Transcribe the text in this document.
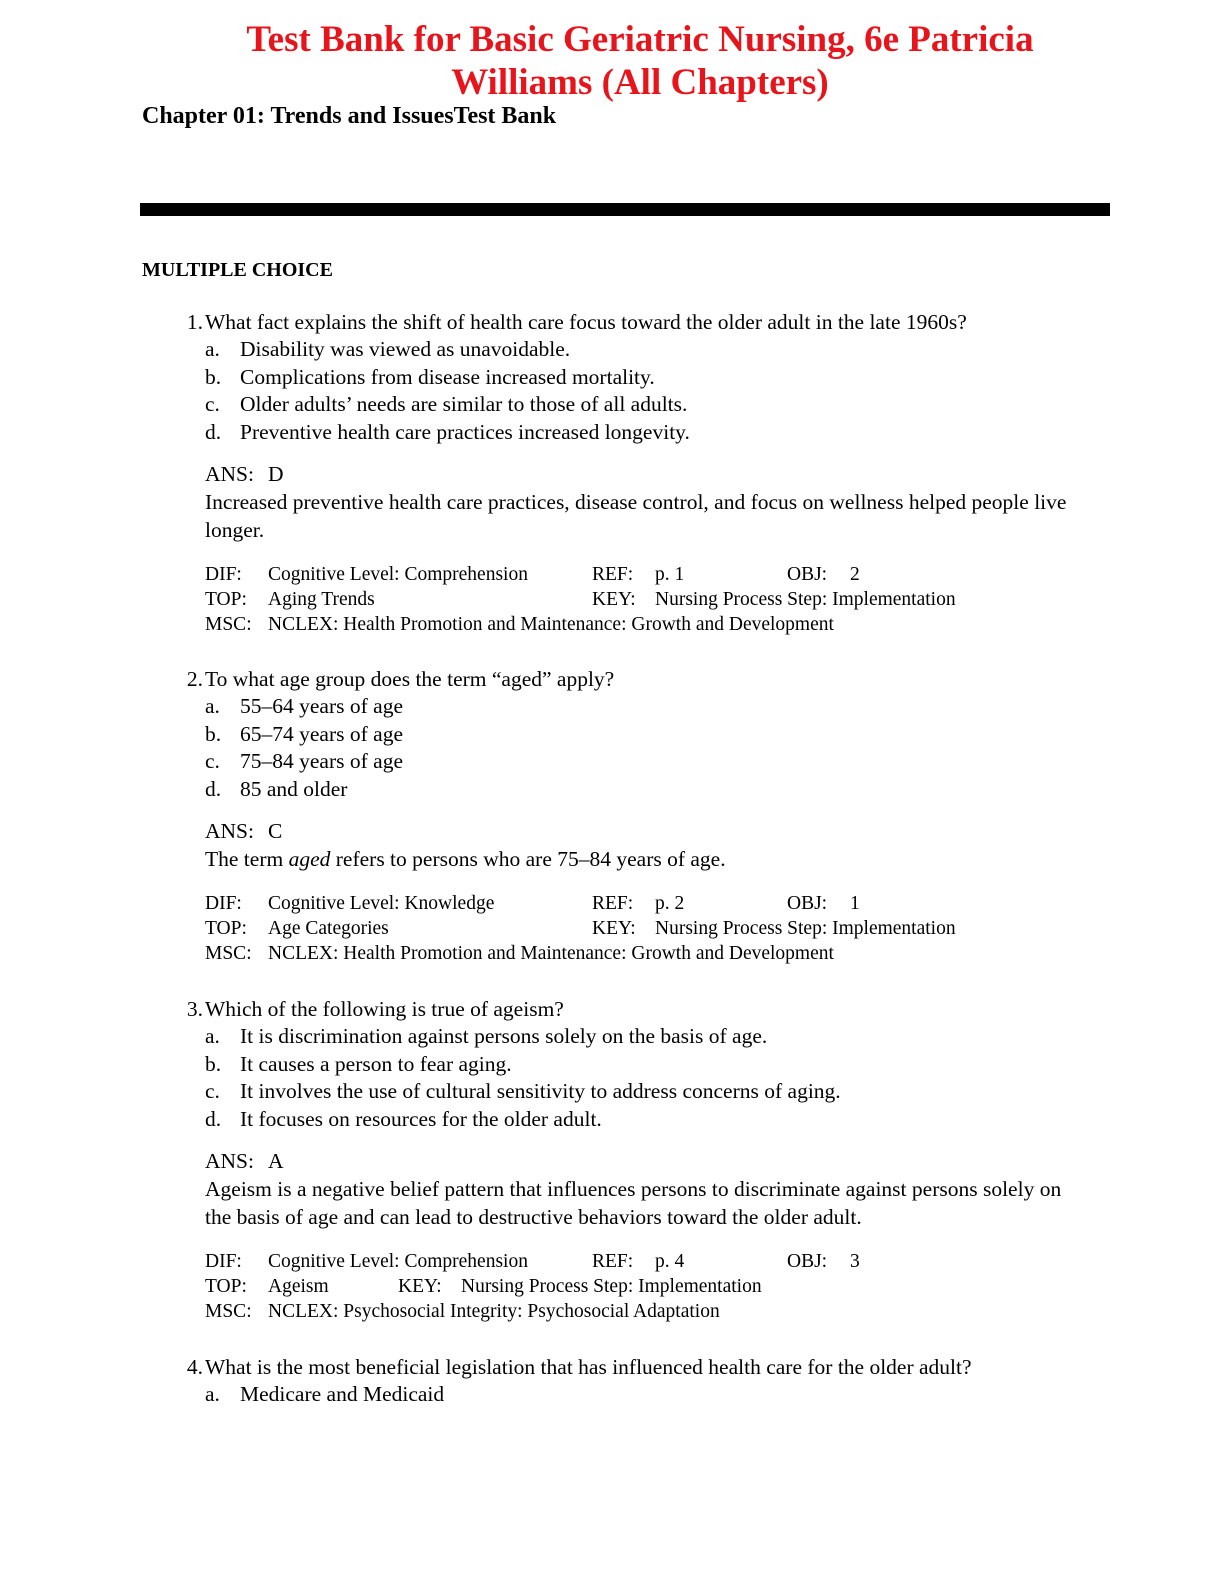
Test Bank for Basic Geriatric Nursing, 6e Patricia
Williams (All Chapters)
Chapter 01: Trends and IssuesTest Bank
MULTIPLE CHOICE
1. What fact explains the shift of health care focus toward the older adult in the late 1960s?
a. Disability was viewed as unavoidable.
b. Complications from disease increased mortality.
c. Older adults’ needs are similar to those of all adults.
d. Preventive health care practices increased longevity.
ANS: D
Increased preventive health care practices, disease control, and focus on wellness helped people live longer.
DIF: Cognitive Level: Comprehension	REF: p. 1	OBJ: 2
TOP: Aging Trends	KEY: Nursing Process Step: Implementation
MSC: NCLEX: Health Promotion and Maintenance: Growth and Development
2. To what age group does the term “aged” apply?
a. 55–64 years of age
b. 65–74 years of age
c. 75–84 years of age
d. 85 and older
ANS: C
The term aged refers to persons who are 75–84 years of age.
DIF: Cognitive Level: Knowledge	REF: p. 2	OBJ: 1
TOP: Age Categories	KEY: Nursing Process Step: Implementation
MSC: NCLEX: Health Promotion and Maintenance: Growth and Development
3. Which of the following is true of ageism?
a. It is discrimination against persons solely on the basis of age.
b. It causes a person to fear aging.
c. It involves the use of cultural sensitivity to address concerns of aging.
d. It focuses on resources for the older adult.
ANS: A
Ageism is a negative belief pattern that influences persons to discriminate against persons solely on the basis of age and can lead to destructive behaviors toward the older adult.
DIF: Cognitive Level: Comprehension	REF: p. 4	OBJ: 3
TOP: Ageism	KEY: Nursing Process Step: Implementation
MSC: NCLEX: Psychosocial Integrity: Psychosocial Adaptation
4. What is the most beneficial legislation that has influenced health care for the older adult?
a. Medicare and Medicaid
